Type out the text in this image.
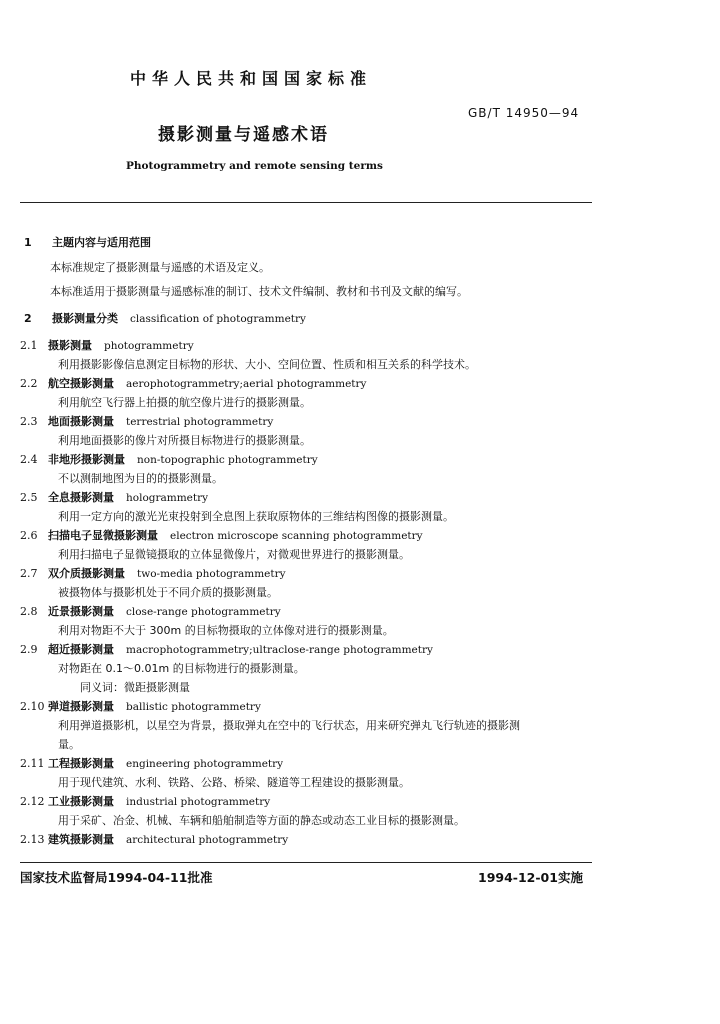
中华人民共和国国家标准
GB/T 14950—94
摄影测量与遥感术语
Photogrammetry and remote sensing terms
1 主题内容与适用范围
本标准规定了摄影测量与遥感的术语及定义。
本标准适用于摄影测量与遥感标准的制订、技术文件编制、教材和书刊及文献的编写。
2 摄影测量分类 classification of photogrammetry
2.1 摄影测量 photogrammetry
利用摄影影像信息测定目标物的形状、大小、空间位置、性质和相互关系的科学技术。
2.2 航空摄影测量 aerophotogrammetry;aerial photogrammetry
利用航空飞行器上拍摄的航空像片进行的摄影测量。
2.3 地面摄影测量 terrestrial photogrammetry
利用地面摄影的像片对所摄目标物进行的摄影测量。
2.4 非地形摄影测量 non-topographic photogrammetry
不以测制地图为目的的摄影测量。
2.5 全息摄影测量 hologrammetry
利用一定方向的激光光束投射到全息图上获取原物体的三维结构图像的摄影测量。
2.6 扫描电子显微摄影测量 electron microscope scanning photogrammetry
利用扫描电子显微镜摄取的立体显微像片，对微观世界进行的摄影测量。
2.7 双介质摄影测量 two-media photogrammetry
被摄物体与摄影机处于不同介质的摄影测量。
2.8 近景摄影测量 close-range photogrammetry
利用对物距不大于 300m 的目标物摄取的立体像对进行的摄影测量。
2.9 超近摄影测量 macrophotogrammetry;ultraclose-range photogrammetry
对物距在 0.1～0.01m 的目标物进行的摄影测量。
同义词：微距摄影测量
2.10 弹道摄影测量 ballistic photogrammetry
利用弹道摄影机，以星空为背景，摄取弹丸在空中的飞行状态，用来研究弹丸飞行轨迹的摄影测
量。
2.11 工程摄影测量 engineering photogrammetry
用于现代建筑、水利、铁路、公路、桥梁、隧道等工程建设的摄影测量。
2.12 工业摄影测量 industrial photogrammetry
用于采矿、冶金、机械、车辆和船舶制造等方面的静态或动态工业目标的摄影测量。
2.13 建筑摄影测量 architectural photogrammetry
国家技术监督局1994-04-11批准	1994-12-01实施
